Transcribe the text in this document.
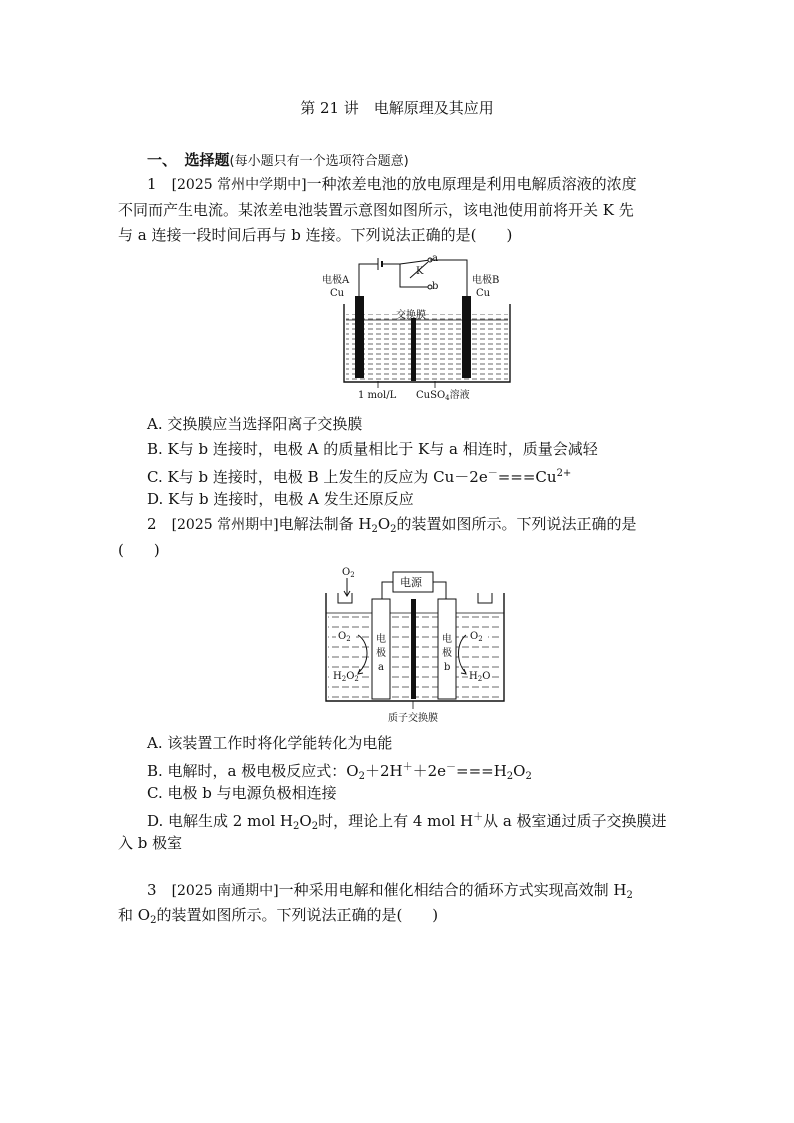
第 21 讲　电解原理及其应用
一、　 选择题(每小题只有一个选项符合题意)
1　 [2025 常州中学期中]一种浓差电池的放电原理是利用电解质溶液的浓度
不同而产生电流。某浓差电池装置示意图如图所示，该电池使用前将开关 K 先
与 a 连接一段时间后再与 b 连接。下列说法正确的是(　　)
a
b
K
交换膜
电极A
Cu
电极B
Cu
1 mol/L CuSO$_4$溶液
A. 交换膜应当选择阳离子交换膜
B. K与 b 连接时，电极 A 的质量相比于 K与 a 相连时，质量会减轻
C. K与 b 连接时，电极 B 上发生的反应为 $Cu-2e^-===Cu^{2+}$
D. K与 b 连接时，电极 A 发生还原反应
2　 [2025 常州期中]电解法制备 $H_2O_2$的装置如图所示。下列说法正确的是
(　　)
$O_2$
电源
电
极
a
电
极
b
质子交换膜
$O_2$
$H_2O_2$
$O_2$
$H_2O$
A. 该装置工作时将化学能转化为电能
B. 电解时，a 极电极反应式：$O_2+2H^++2e^-===H_2O_2$
C. 电极 b 与电源负极相连接
D. 电解生成 2 mol $H_2O_2$时，理论上有 4 mol H＋从 a 极室通过质子交换膜进
入 b 极室
3　 [2025 南通期中]一种采用电解和催化相结合的循环方式实现高效制 $H_2$
和 $O_2$的装置如图所示。下列说法正确的是(　　)
